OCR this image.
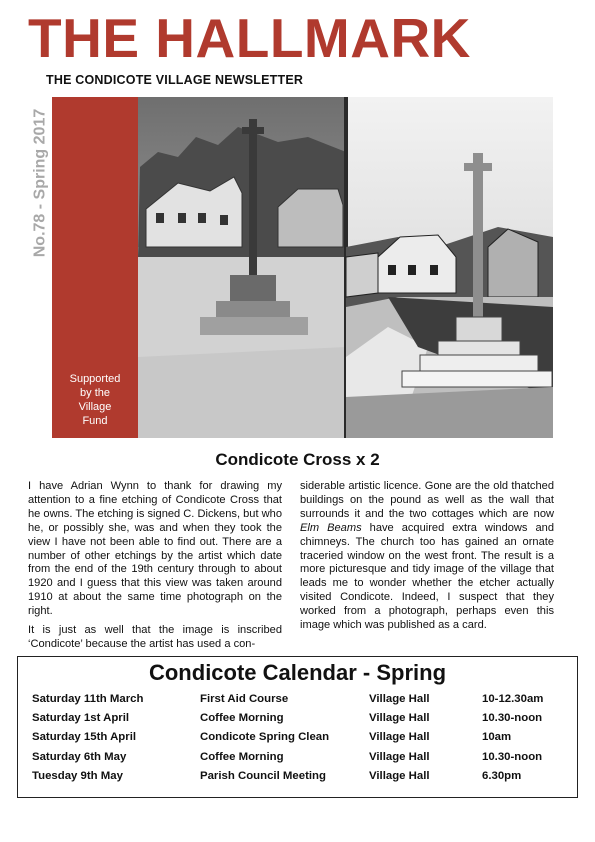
THE HALLMARK
THE CONDICOTE VILLAGE NEWSLETTER
No.78 - Spring 2017
Supported
by the
Village
Fund
Condicote Cross x 2

I have Adrian Wynn to thank for drawing my attention to a fine etching of Condicote Cross that he owns. The etching is signed C. Dickens, but who he, or possibly she, was and when they took the view I have not been able to find out. There are a number of other etchings by the artist which date from the end of the 19th century through to about 1920 and I guess that this view was taken around 1910 at about the same time photograph on the right.

It is just as well that the image is inscribed ‘Condicote’ because the artist has used a con-

siderable artistic licence. Gone are the old thatched buildings on the pound as well as the wall that surrounds it and the two cottages which are now Elm Beams have acquired extra windows and chimneys. The church too has gained an ornate traceried window on the west front. The result is a more picturesque and tidy image of the village that leads me to wonder whether the etcher actually visited Condicote. Indeed, I suspect that they worked from a photograph, perhaps even this image which was published as a card.

Condicote Calendar - Spring
Saturday 11th March	First Aid Course	Village Hall	10-12.30am
Saturday 1st April	Coffee Morning	Village Hall	10.30-noon
Saturday 15th April	Condicote Spring Clean	Village Hall	10am
Saturday 6th May	Coffee Morning	Village Hall	10.30-noon
Tuesday 9th May	Parish Council Meeting	Village Hall	6.30pm
